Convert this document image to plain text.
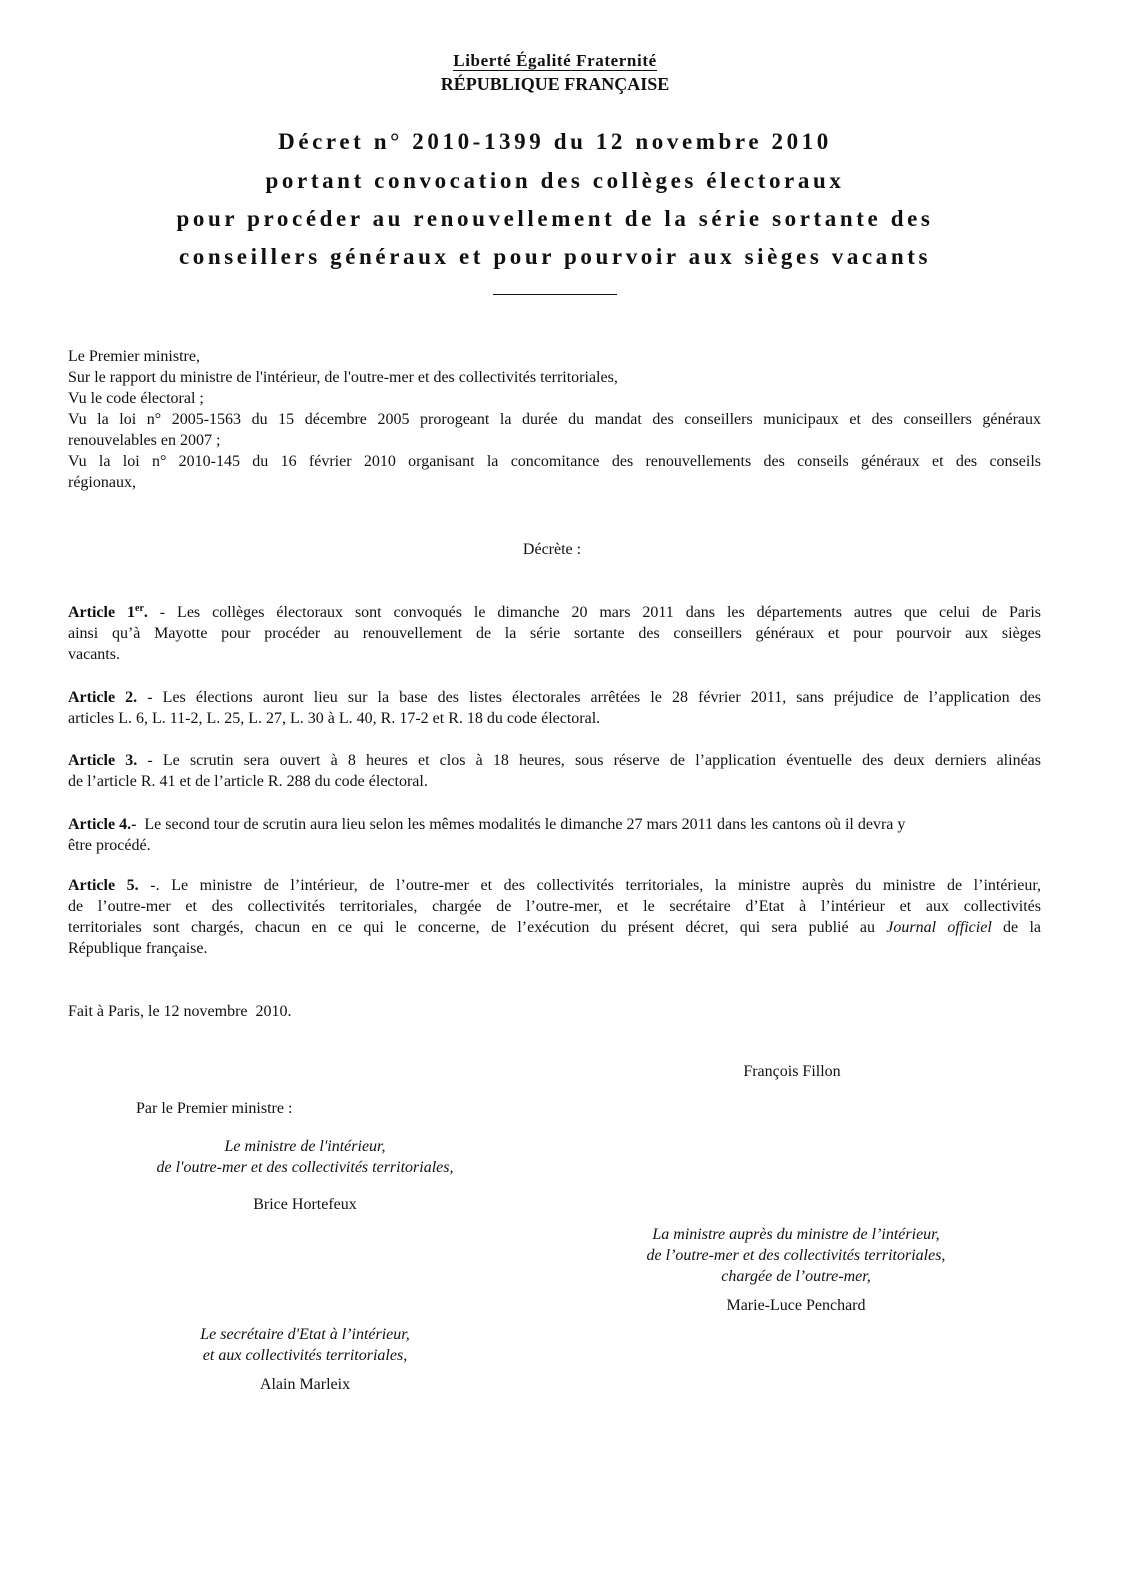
Liberté Égalité Fraternité
RÉPUBLIQUE FRANÇAISE
Décret n° 2010-1399 du 12 novembre 2010
portant convocation des collèges électoraux
pour procéder au renouvellement de la série sortante des
conseillers généraux et pour pourvoir aux sièges vacants
Le Premier ministre,
Sur le rapport du ministre de l'intérieur, de l'outre-mer et des collectivités territoriales,
Vu le code électoral ;
Vu la loi n° 2005-1563 du 15 décembre 2005 prorogeant la durée du mandat des conseillers municipaux et des conseillers généraux
renouvelables en 2007 ;
Vu la loi n° 2010-145 du 16 février 2010 organisant la concomitance des renouvellements des conseils généraux et des conseils
régionaux,
Décrète :
Article 1er. - Les collèges électoraux sont convoqués le dimanche 20 mars 2011 dans les départements autres que celui de Paris
ainsi qu’à Mayotte pour procéder au renouvellement de la série sortante des conseillers généraux et pour pourvoir aux sièges
vacants.
Article 2. - Les élections auront lieu sur la base des listes électorales arrêtées le 28 février 2011, sans préjudice de l’application des
articles L. 6, L. 11-2, L. 25, L. 27, L. 30 à L. 40, R. 17-2 et R. 18 du code électoral.
Article 3. - Le scrutin sera ouvert à 8 heures et clos à 18 heures, sous réserve de l’application éventuelle des deux derniers alinéas
de l’article R. 41 et de l’article R. 288 du code électoral.
Article 4.-  Le second tour de scrutin aura lieu selon les mêmes modalités le dimanche 27 mars 2011 dans les cantons où il devra y
être procédé.
Article 5. -. Le ministre de l’intérieur, de l’outre-mer et des collectivités territoriales, la ministre auprès du ministre de l’intérieur,
de l’outre-mer et des collectivités territoriales, chargée de l’outre-mer, et le secrétaire d’Etat à l’intérieur et aux collectivités
territoriales sont chargés, chacun en ce qui le concerne, de l’exécution du présent décret, qui sera publié au Journal officiel de la
République française.
Fait à Paris, le 12 novembre  2010.
François Fillon
Par le Premier ministre :
Le ministre de l'intérieur,
de l'outre-mer et des collectivités territoriales,
Brice Hortefeux
La ministre auprès du ministre de l’intérieur,
de l’outre-mer et des collectivités territoriales,
chargée de l’outre-mer,
Marie-Luce Penchard
Le secrétaire d'Etat à l’intérieur,
et aux collectivités territoriales,
Alain Marleix
